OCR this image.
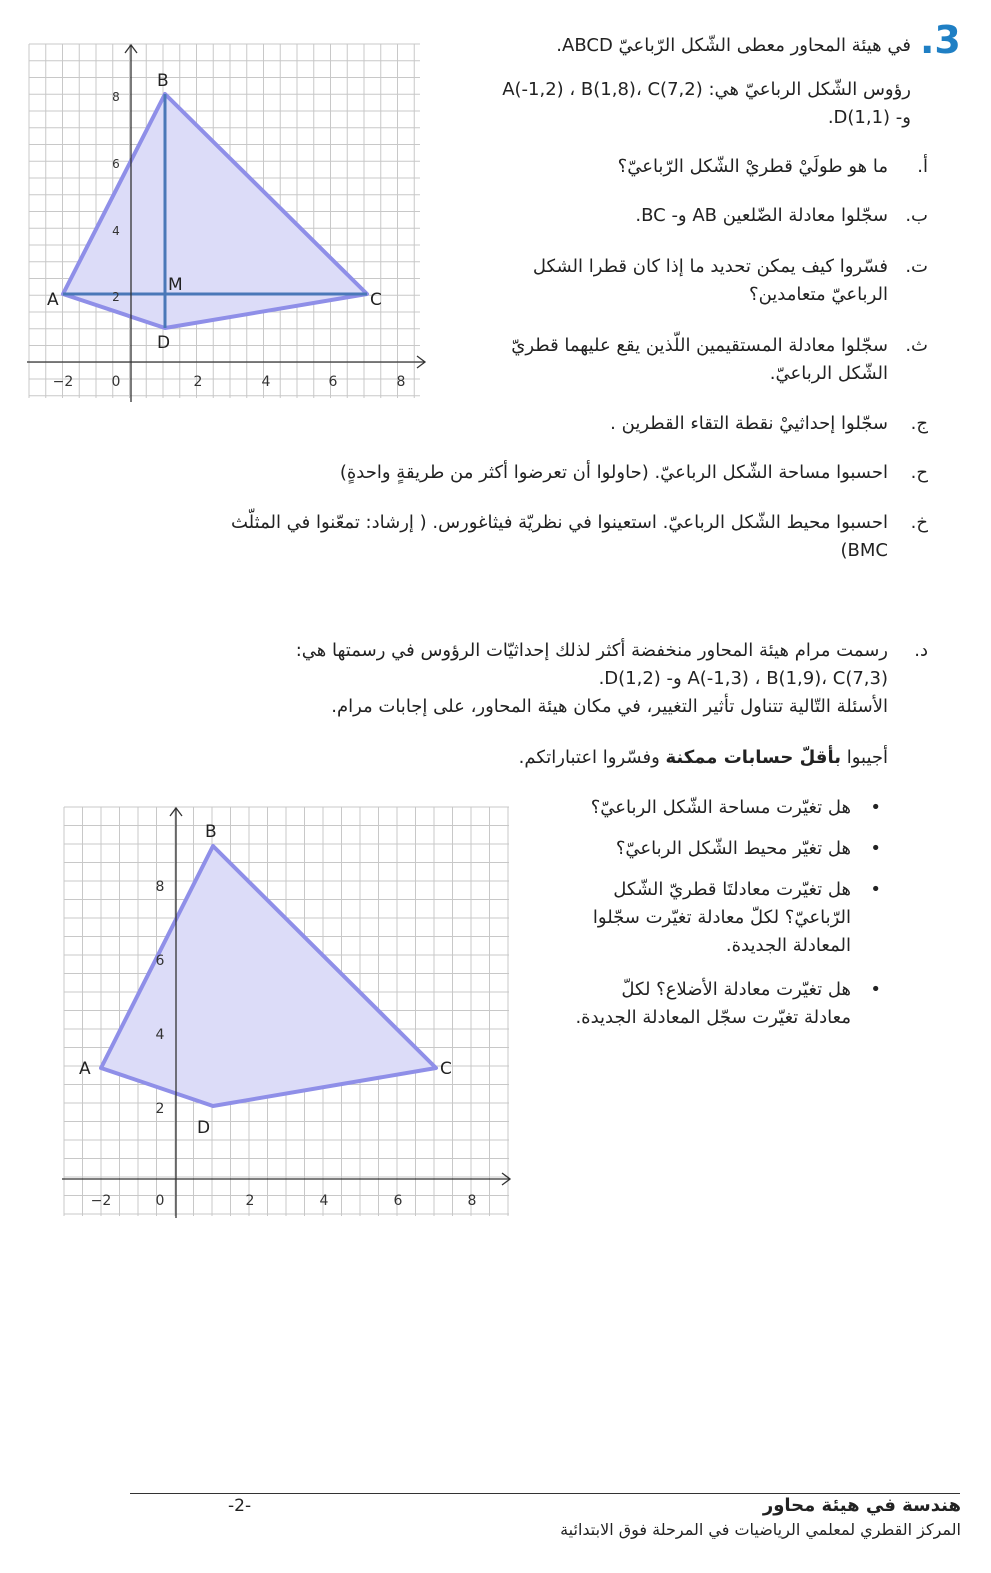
.3
في هيئة المحاور معطى الشّكل الرّباعيّ ABCD.
رؤوس الشّكل الرباعيّ هي: A(-1,2) ، B(1,8)، C(7,2)
و- D(1,1).
أ.
ما هو طولَيْ قطريْ الشّكل الرّباعيّ؟
ب.
سجّلوا معادلة الضّلعين AB و- BC.
ت.
فسّروا كيف يمكن تحديد ما إذا كان قطرا الشكل
الرباعيّ متعامدين؟
ث.
سجّلوا معادلة المستقيمين اللّذين يقع عليهما قطريّ
الشّكل الرباعيّ.
ج.
سجّلوا إحداثييْ نقطة التقاء القطرين .
ح.
احسبوا مساحة الشّكل الرباعيّ. (حاولوا أن تعرضوا أكثر من طريقةٍ واحدةٍ)
خ.
احسبوا محيط الشّكل الرباعيّ. استعينوا في نظريّة فيثاغورس. ( إرشاد: تمعّنوا في المثلّث
BMC)
د.
رسمت مرام هيئة المحاور منخفضة أكثر لذلك إحداثيّات الرؤوس في رسمتها هي:
A(-1,3) ، B(1,9)، C(7,3) و- D(1,2).
الأسئلة التّالية تتناول تأثير التغيير، في مكان هيئة المحاور، على إجابات مرام.
أجيبوا بأقلّ حسابات ممكنة وفسّروا اعتباراتكم.
هل تغيّرت مساحة الشّكل الرباعيّ؟
•
هل تغيّر محيط الشّكل الرباعيّ؟
•
هل تغيّرت معادلتَا قطريّ الشّكل
الرّباعيّ؟ لكلّ معادلة تغيّرت سجّلوا
المعادلة الجديدة.
•
هل تغيّرت معادلة الأضلاع؟ لكلّ
معادلة تغيّرت سجّل المعادلة الجديدة.
•
−2	0	2	4	6	8
2
4
6
8
A
B
C
D
M
−2	0	2	4	6	8
2
4
6
8
A
B
C
D
هندسة في هيئة محاور
-2-
المركز القطري لمعلمي الرياضيات في المرحلة فوق الابتدائية
